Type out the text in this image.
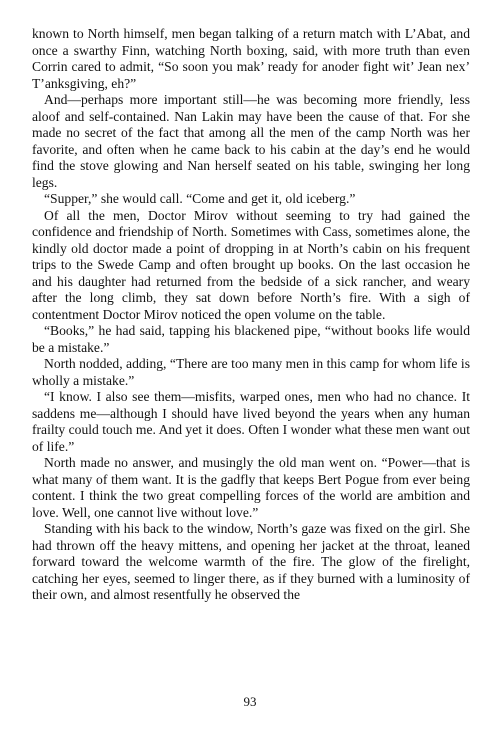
known to North himself, men began talking of a return match with L’Abat, and once a swarthy Finn, watching North boxing, said, with more truth than even Corrin cared to admit, “So soon you mak’ ready for anoder fight wit’ Jean nex’ T’anksgiving, eh?”

And—perhaps more important still—he was becoming more friendly, less aloof and self-contained. Nan Lakin may have been the cause of that. For she made no secret of the fact that among all the men of the camp North was her favorite, and often when he came back to his cabin at the day’s end he would find the stove glowing and Nan herself seated on his table, swinging her long legs.

“Supper,” she would call. “Come and get it, old iceberg.”

Of all the men, Doctor Mirov without seeming to try had gained the confidence and friendship of North. Sometimes with Cass, sometimes alone, the kindly old doctor made a point of dropping in at North’s cabin on his frequent trips to the Swede Camp and often brought up books. On the last occasion he and his daughter had returned from the bedside of a sick rancher, and weary after the long climb, they sat down before North’s fire. With a sigh of contentment Doctor Mirov noticed the open volume on the table.

“Books,” he had said, tapping his blackened pipe, “without books life would be a mistake.”

North nodded, adding, “There are too many men in this camp for whom life is wholly a mistake.”

“I know. I also see them—misfits, warped ones, men who had no chance. It saddens me—although I should have lived beyond the years when any human frailty could touch me. And yet it does. Often I wonder what these men want out of life.”

North made no answer, and musingly the old man went on. “Power—that is what many of them want. It is the gadfly that keeps Bert Pogue from ever being content. I think the two great compelling forces of the world are ambition and love. Well, one cannot live without love.”

Standing with his back to the window, North’s gaze was fixed on the girl. She had thrown off the heavy mittens, and opening her jacket at the throat, leaned forward toward the welcome warmth of the fire. The glow of the firelight, catching her eyes, seemed to linger there, as if they burned with a luminosity of their own, and almost resentfully he observed the

93
